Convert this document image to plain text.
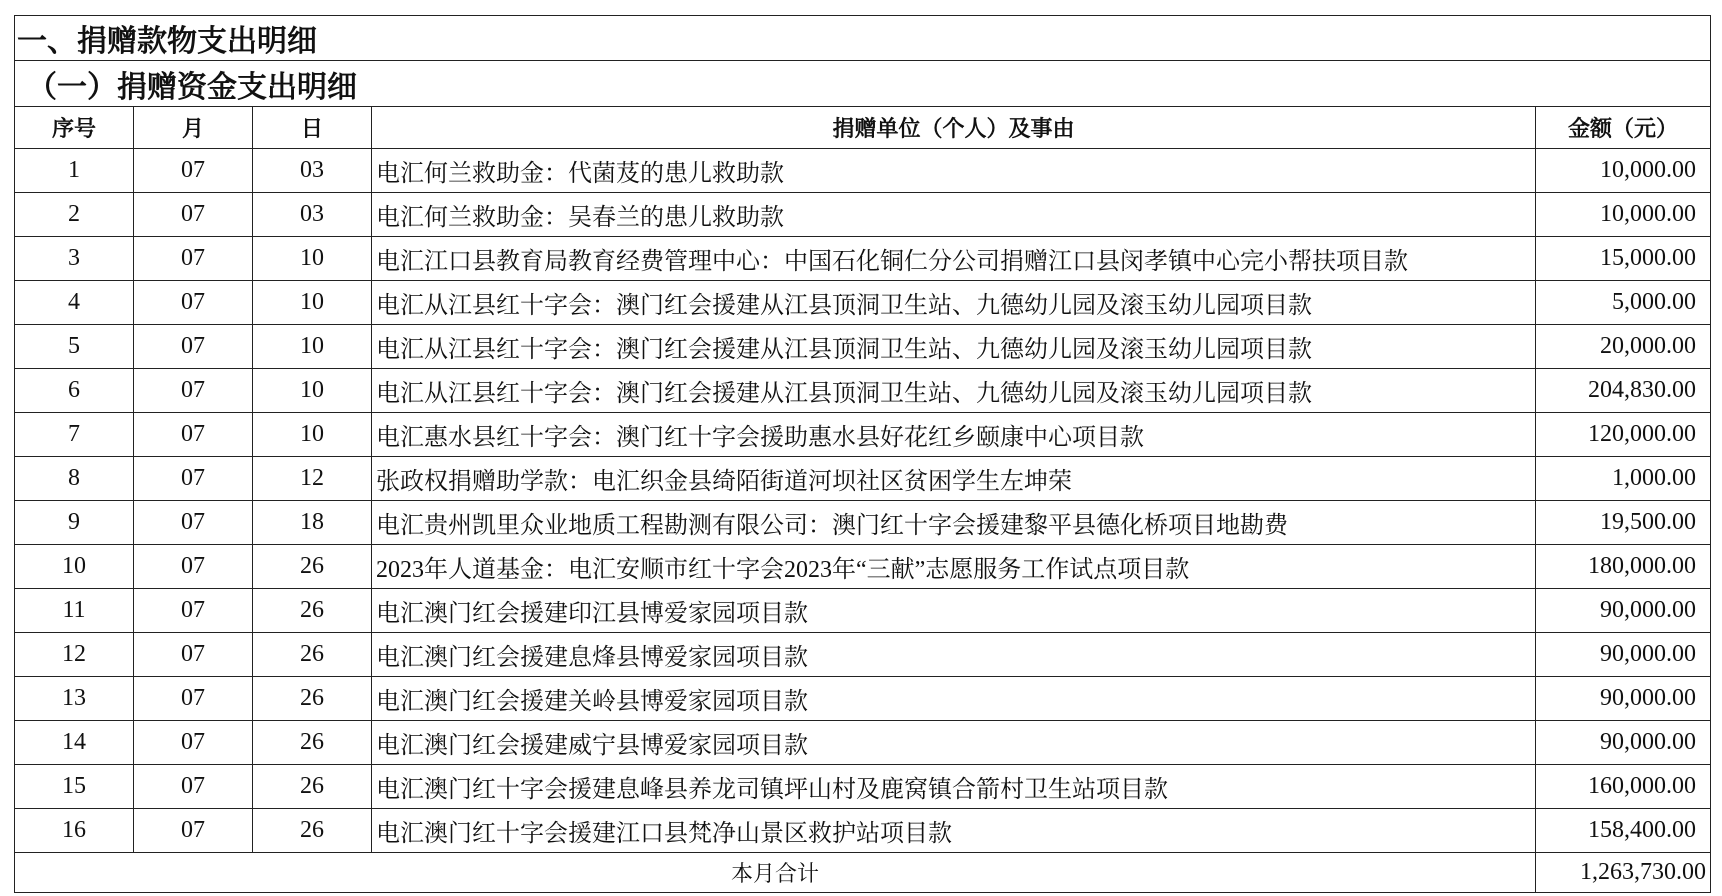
一、捐赠款物支出明细				
（一）捐赠资金支出明细				
序号	月	日	捐赠单位（个人）及事由	金额（元）
1	07	03	电汇何兰救助金：代菌芨的患儿救助款	10,000.00
2	07	03	电汇何兰救助金：吴春兰的患儿救助款	10,000.00
3	07	10	电汇江口县教育局教育经费管理中心：中国石化铜仁分公司捐赠江口县闵孝镇中心完小帮扶项目款	15,000.00
4	07	10	电汇从江县红十字会：澳门红会援建从江县顶洞卫生站、九德幼儿园及滚玉幼儿园项目款	5,000.00
5	07	10	电汇从江县红十字会：澳门红会援建从江县顶洞卫生站、九德幼儿园及滚玉幼儿园项目款	20,000.00
6	07	10	电汇从江县红十字会：澳门红会援建从江县顶洞卫生站、九德幼儿园及滚玉幼儿园项目款	204,830.00
7	07	10	电汇惠水县红十字会：澳门红十字会援助惠水县好花红乡颐康中心项目款	120,000.00
8	07	12	张政权捐赠助学款：电汇织金县绮陌街道河坝社区贫困学生左坤荣	1,000.00
9	07	18	电汇贵州凯里众业地质工程勘测有限公司：澳门红十字会援建黎平县德化桥项目地勘费	19,500.00
10	07	26	2023年人道基金：电汇安顺市红十字会2023年“三献”志愿服务工作试点项目款	180,000.00
11	07	26	电汇澳门红会援建印江县博爱家园项目款	90,000.00
12	07	26	电汇澳门红会援建息烽县博爱家园项目款	90,000.00
13	07	26	电汇澳门红会援建关岭县博爱家园项目款	90,000.00
14	07	26	电汇澳门红会援建威宁县博爱家园项目款	90,000.00
15	07	26	电汇澳门红十字会援建息峰县养龙司镇坪山村及鹿窝镇合箭村卫生站项目款	160,000.00
16	07	26	电汇澳门红十字会援建江口县梵净山景区救护站项目款	158,400.00
本月合计				1,263,730.00
